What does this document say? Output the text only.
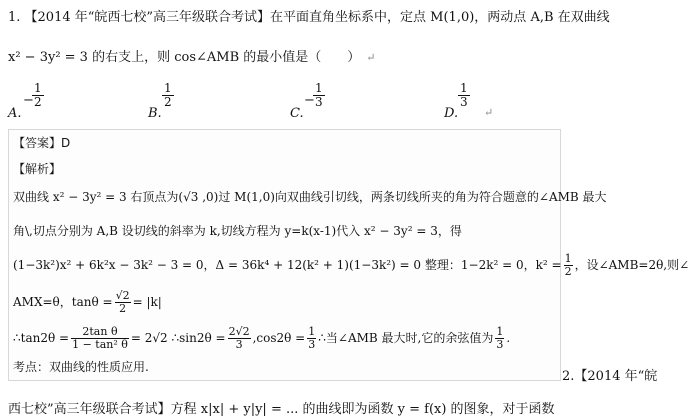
1. 【2014 年“皖西七校”高三年级联合考试】在平面直角坐标系中，定点 M(1,0)，两动点 A,B 在双曲线
x² − 3y² = 3 的右支上，则 cos∠AMB 的最小值是（　　） ↵
A.
−
$\frac{1}{2}$
B.
$\frac{1}{2}$
C.
−
$\frac{1}{3}$
D.
$\frac{1}{3}$
↵
【答案】D
【解析】
双曲线 x² − 3y² = 3 右顶点为(√3 ,0)过 M(1,0)向双曲线引切线，两条切线所夹的角为符合题意的∠AMB 最大
角\,切点分别为 A,B 设切线的斜率为 k,切线方程为 y=k(x-1)代入 x² − 3y² = 3，得
(1−3k²)x² + 6k²x − 3k² − 3 = 0，Δ = 36k⁴ + 12(k² + 1)(1−3k²) = 0 整理：1−2k² = 0，$k^2 = \frac{1}{2}$ ，设∠AMB=2θ,则∠
AMX=θ，$\tan\theta = \frac{√2}{2} = |k|$
∴tan2θ = $\frac{\text{2tan θ}}{\text{1 − tan² θ}} = 2√2$ ∴sin2θ = $\frac{2√2}{3} ,\cos 2\theta = \frac{1}{3}$ ∴当∠AMB 最大时,它的余弦值为 $\frac{1}{3}$ .
考点：双曲线的性质应用.
2.【2014 年“皖
西七校”高三年级联合考试】方程 x|x| + y|y| = ... 的曲线即为函数 y = f(x) 的图象，对于函数
